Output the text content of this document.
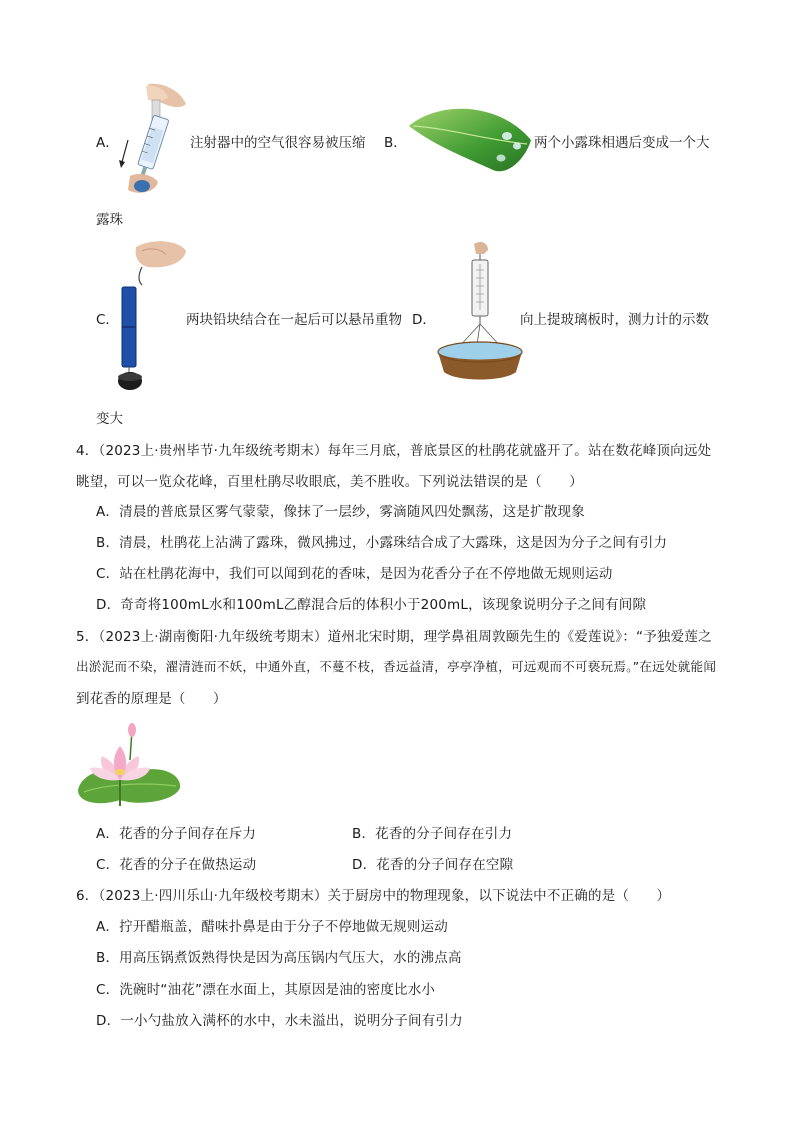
A．	注射器中的空气很容易被压缩 B．	两个小露珠相遇后变成一个大
露珠
C．	两块铅块结合在一起后可以悬吊重物 D．	向上提玻璃板时，测力计的示数
变大
4．（2023上·贵州毕节·九年级统考期末）每年三月底，普底景区的杜鹃花就盛开了。站在数花峰顶向远处
眺望，可以一览众花峰，百里杜鹃尽收眼底，美不胜收。下列说法错误的是（　　）
A．清晨的普底景区雾气蒙蒙，像抹了一层纱，雾滴随风四处飘荡，这是扩散现象
B．清晨，杜鹃花上沾满了露珠，微风拂过，小露珠结合成了大露珠，这是因为分子之间有引力
C．站在杜鹃花海中，我们可以闻到花的香味，是因为花香分子在不停地做无规则运动
D．奇奇将100mL水和100mL乙醇混合后的体积小于200mL，该现象说明分子之间有间隙
5．（2023上·湖南衡阳·九年级统考期末）道州北宋时期，理学鼻祖周敦颐先生的《爱莲说》：“予独爱莲之
出淤泥而不染，濯清涟而不妖，中通外直，不蔓不枝，香远益清，亭亭净植，可远观而不可亵玩焉。”在远处就能闻
到花香的原理是（　　）
A．花香的分子间存在斥力	B．花香的分子间存在引力
C．花香的分子在做热运动	D．花香的分子间存在空隙
6．（2023上·四川乐山·九年级校考期末）关于厨房中的物理现象，以下说法中不正确的是（　　）
A．拧开醋瓶盖，醋味扑鼻是由于分子不停地做无规则运动
B．用高压锅煮饭熟得快是因为高压锅内气压大，水的沸点高
C．洗碗时“油花”漂在水面上，其原因是油的密度比水小
D．一小勺盐放入满杯的水中，水未溢出，说明分子间有引力
